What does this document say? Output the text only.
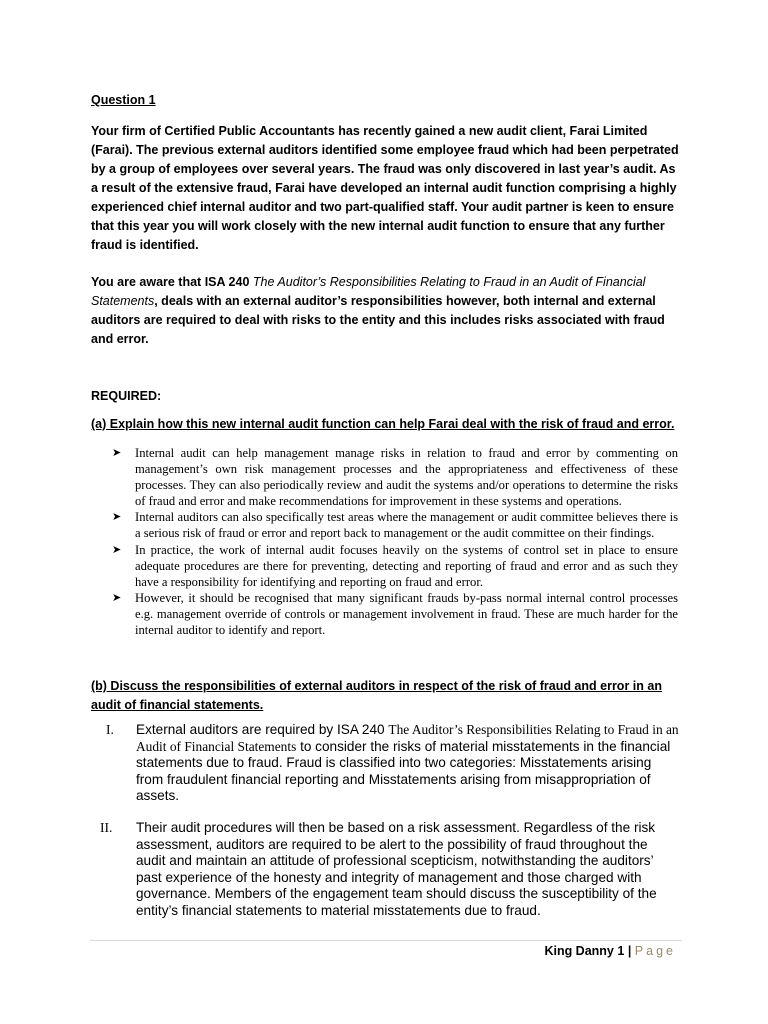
Question 1
Your firm of Certified Public Accountants has recently gained a new audit client, Farai Limited (Farai). The previous external auditors identified some employee fraud which had been perpetrated by a group of employees over several years. The fraud was only discovered in last year’s audit. As a result of the extensive fraud, Farai have developed an internal audit function comprising a highly experienced chief internal auditor and two part-qualified staff. Your audit partner is keen to ensure that this year you will work closely with the new internal audit function to ensure that any further fraud is identified.
You are aware that ISA 240 The Auditor’s Responsibilities Relating to Fraud in an Audit of Financial Statements, deals with an external auditor’s responsibilities however, both internal and external auditors are required to deal with risks to the entity and this includes risks associated with fraud and error.
REQUIRED:
(a) Explain how this new internal audit function can help Farai deal with the risk of fraud and error.
➤ Internal audit can help management manage risks in relation to fraud and error by commenting on management’s own risk management processes and the appropriateness and effectiveness of these processes. They can also periodically review and audit the systems and/or operations to determine the risks of fraud and error and make recommendations for improvement in these systems and operations.
➤ Internal auditors can also specifically test areas where the management or audit committee believes there is a serious risk of fraud or error and report back to management or the audit committee on their findings.
➤ In practice, the work of internal audit focuses heavily on the systems of control set in place to ensure adequate procedures are there for preventing, detecting and reporting of fraud and error and as such they have a responsibility for identifying and reporting on fraud and error.
➤ However, it should be recognised that many significant frauds by-pass normal internal control processes e.g. management override of controls or management involvement in fraud. These are much harder for the internal auditor to identify and report.
(b) Discuss the responsibilities of external auditors in respect of the risk of fraud and error in an audit of financial statements.
I. External auditors are required by ISA 240 The Auditor’s Responsibilities Relating to Fraud in an Audit of Financial Statements to consider the risks of material misstatements in the financial statements due to fraud. Fraud is classified into two categories: Misstatements arising from fraudulent financial reporting and Misstatements arising from misappropriation of assets.
II. Their audit procedures will then be based on a risk assessment. Regardless of the risk assessment, auditors are required to be alert to the possibility of fraud throughout the audit and maintain an attitude of professional scepticism, notwithstanding the auditors’ past experience of the honesty and integrity of management and those charged with governance. Members of the engagement team should discuss the susceptibility of the entity’s financial statements to material misstatements due to fraud.
King Danny 1 | Page
